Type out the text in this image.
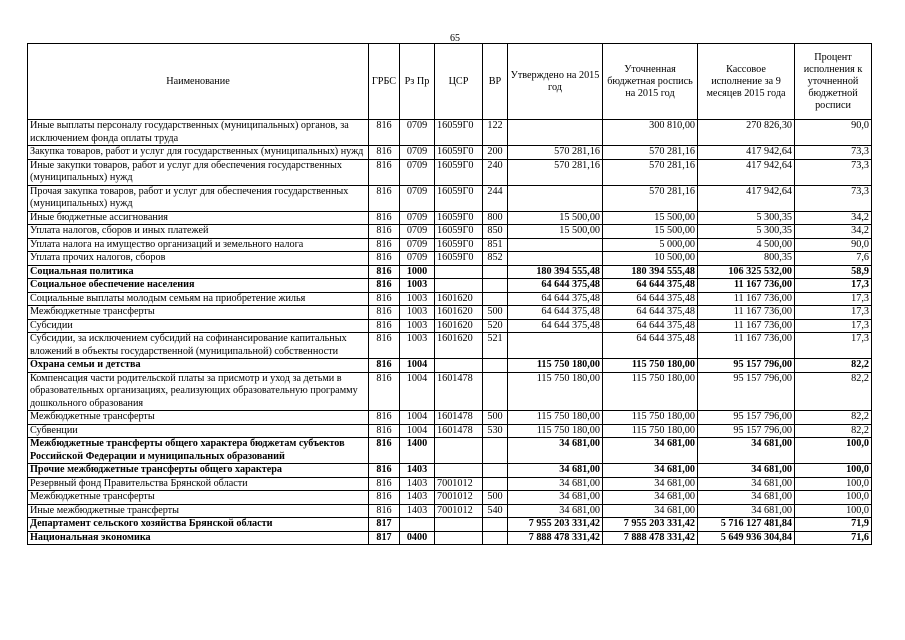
65
Наименование	ГРБС	Рз Пр	ЦСР	ВР	Утверждено на 2015 год	Уточненная бюджетная роспись на 2015 год	Кассовое исполнение за 9 месяцев 2015 года	Процент исполнения к уточненной бюджетной росписи
Иные выплаты персоналу государственных (муниципальных) органов, за исключением фонда оплаты труда	816	0709	16059Г0	122		300 810,00	270 826,30	90,0
Закупка товаров, работ и услуг для государственных (муниципальных) нужд	816	0709	16059Г0	200	570 281,16	570 281,16	417 942,64	73,3
Иные закупки товаров, работ и услуг для обеспечения государственных (муниципальных) нужд	816	0709	16059Г0	240	570 281,16	570 281,16	417 942,64	73,3
Прочая закупка товаров, работ и услуг для обеспечения государственных (муниципальных) нужд	816	0709	16059Г0	244		570 281,16	417 942,64	73,3
Иные бюджетные ассигнования	816	0709	16059Г0	800	15 500,00	15 500,00	5 300,35	34,2
Уплата налогов, сборов и иных платежей	816	0709	16059Г0	850	15 500,00	15 500,00	5 300,35	34,2
Уплата налога на имущество организаций и земельного налога	816	0709	16059Г0	851		5 000,00	4 500,00	90,0
Уплата прочих налогов, сборов	816	0709	16059Г0	852		10 500,00	800,35	7,6
Социальная политика	816	1000			180 394 555,48	180 394 555,48	106 325 532,00	58,9
Социальное обеспечение населения	816	1003			64 644 375,48	64 644 375,48	11 167 736,00	17,3
Социальные выплаты молодым семьям на приобретение жилья	816	1003	1601620		64 644 375,48	64 644 375,48	11 167 736,00	17,3
Межбюджетные трансферты	816	1003	1601620	500	64 644 375,48	64 644 375,48	11 167 736,00	17,3
Субсидии	816	1003	1601620	520	64 644 375,48	64 644 375,48	11 167 736,00	17,3
Субсидии, за исключением субсидий на софинансирование капитальных вложений в объекты государственной (муниципальной) собственности	816	1003	1601620	521		64 644 375,48	11 167 736,00	17,3
Охрана семьи и детства	816	1004			115 750 180,00	115 750 180,00	95 157 796,00	82,2
Компенсация части родительской платы за присмотр и уход за детьми в образовательных организациях, реализующих образовательную программу дошкольного образования	816	1004	1601478		115 750 180,00	115 750 180,00	95 157 796,00	82,2
Межбюджетные трансферты	816	1004	1601478	500	115 750 180,00	115 750 180,00	95 157 796,00	82,2
Субвенции	816	1004	1601478	530	115 750 180,00	115 750 180,00	95 157 796,00	82,2
Межбюджетные трансферты общего характера бюджетам субъектов Российской Федерации и муниципальных образований	816	1400			34 681,00	34 681,00	34 681,00	100,0
Прочие межбюджетные трансферты общего характера	816	1403			34 681,00	34 681,00	34 681,00	100,0
Резервный фонд Правительства Брянской области	816	1403	7001012		34 681,00	34 681,00	34 681,00	100,0
Межбюджетные трансферты	816	1403	7001012	500	34 681,00	34 681,00	34 681,00	100,0
Иные межбюджетные трансферты	816	1403	7001012	540	34 681,00	34 681,00	34 681,00	100,0
Департамент сельского хозяйства Брянской области	817				7 955 203 331,42	7 955 203 331,42	5 716 127 481,84	71,9
Национальная экономика	817	0400			7 888 478 331,42	7 888 478 331,42	5 649 936 304,84	71,6
